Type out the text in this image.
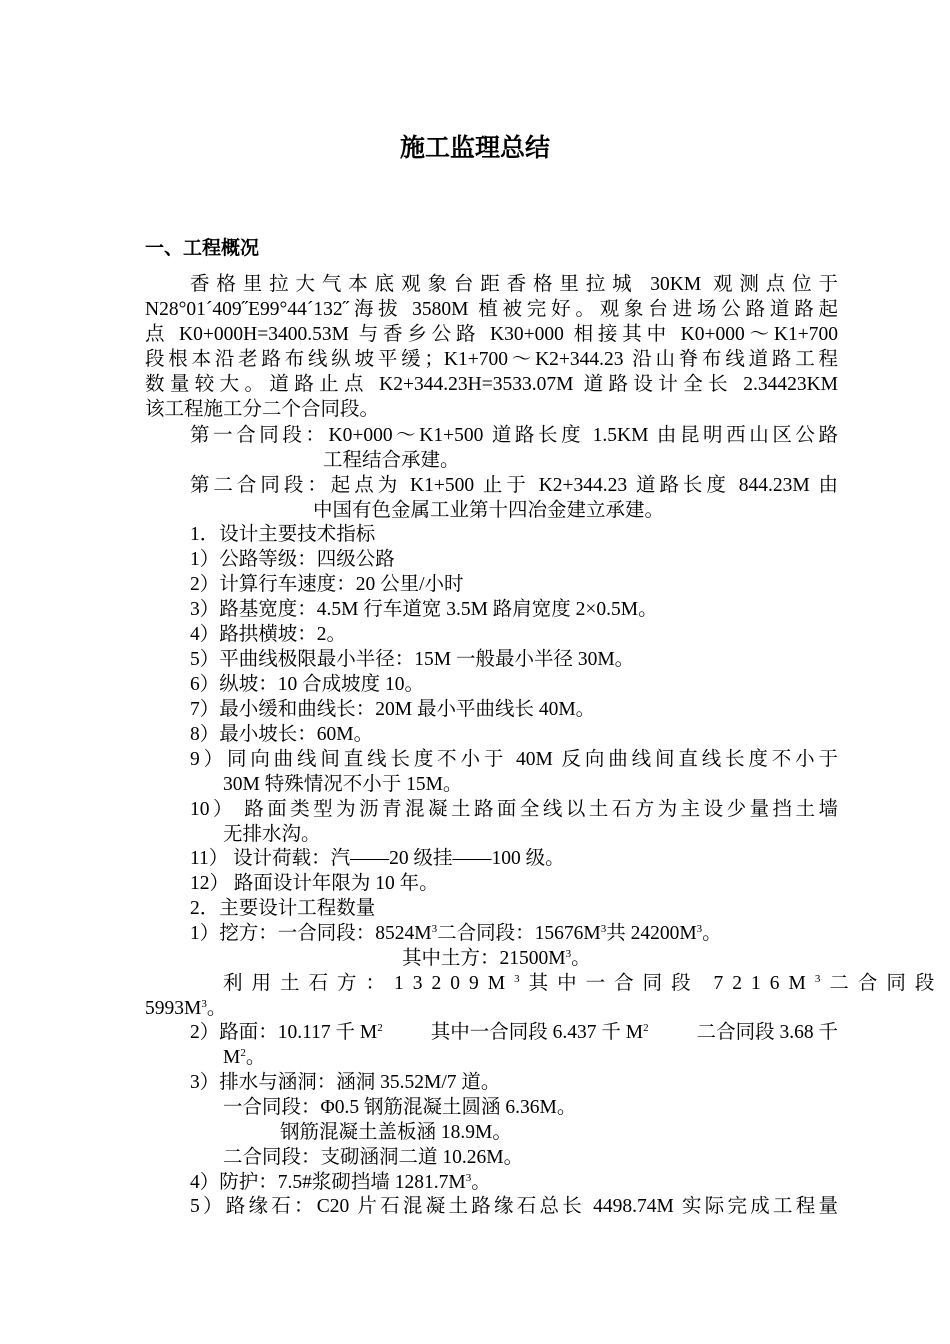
施工监理总结
一、工程概况
香格里拉大气本底观象台距香格里拉城 30KM 观测点位于
N28°01´409˝E99°44´132˝海拔 3580M 植被完好。观象台进场公路道路起
点 K0+000H=3400.53M 与香乡公路 K30+000 相接其中 K0+000～K1+700
段根本沿老路布线纵坡平缓；K1+700～K2+344.23 沿山脊布线道路工程
数量较大。道路止点 K2+344.23H=3533.07M 道路设计全长 2.34423KM
该工程施工分二个合同段。
第一合同段：K0+000～K1+500 道路长度 1.5KM 由昆明西山区公路
工程结合承建。
第二合同段：起点为 K1+500 止于 K2+344.23 道路长度 844.23M 由
中国有色金属工业第十四冶金建立承建。
1．设计主要技术指标
1）公路等级：四级公路
2）计算行车速度：20 公里/小时
3）路基宽度：4.5M 行车道宽 3.5M 路肩宽度 2×0.5M。
4）路拱横坡：2。
5）平曲线极限最小半径：15M 一般最小半径 30M。
6）纵坡：10 合成坡度 10。
7）最小缓和曲线长：20M 最小平曲线长 40M。
8）最小坡长：60M。
9）同向曲线间直线长度不小于 40M 反向曲线间直线长度不小于
30M 特殊情况不小于 15M。
10） 路面类型为沥青混凝土路面全线以土石方为主设少量挡土墙
无排水沟。
11） 设计荷载：汽——20 级挂——100 级。
12） 路面设计年限为 10 年。
2．主要设计工程数量
1）挖方：一合同段：$8524M^3$二合同段：$15676M^3$共 $24200M^3$。
其中土方：$21500M^3$。
利用土石方：$13209M^3$ 其中一合同段 $7216M^3$ 二合同段
$5993M^3$。
2）路面：10.117 千 $M^2$ 其中一合同段 6.437 千 $M^2$ 二合同段 3.68 千
$M^2$。
3）排水与涵洞：涵洞 35.52M/7 道。
一合同段：Φ0.5 钢筋混凝土圆涵 6.36M。
钢筋混凝土盖板涵 18.9M。
二合同段：支砌涵洞二道 10.26M。
4）防护：7.5#浆砌挡墙 $1281.7M^3$。
5）路缘石：C20 片石混凝土路缘石总长 4498.74M 实际完成工程量
